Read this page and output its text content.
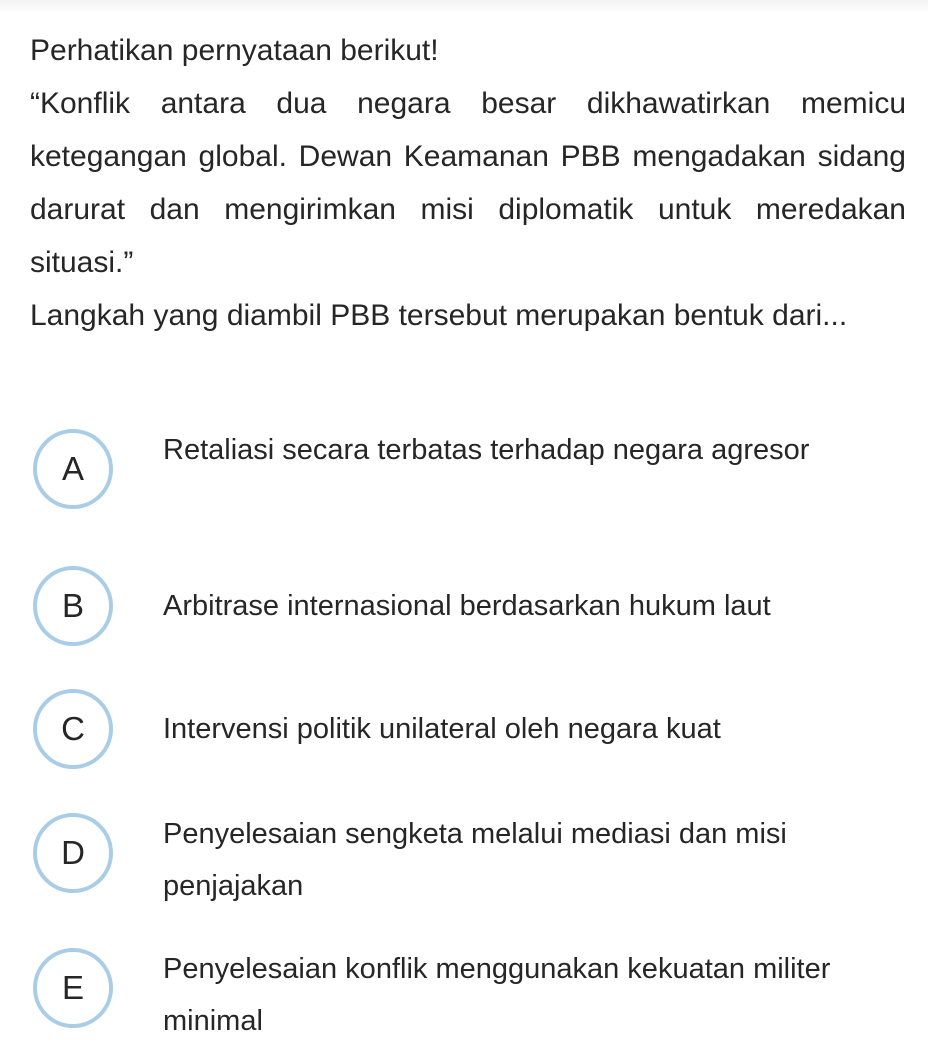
Perhatikan pernyataan berikut!

“Konflik antara dua negara besar dikhawatirkan memicu ketegangan global. Dewan Keamanan PBB mengadakan sidang darurat dan mengirimkan misi diplomatik untuk meredakan situasi.”

Langkah yang diambil PBB tersebut merupakan bentuk dari...

A	Retaliasi secara terbatas terhadap negara agresor
B	Arbitrase internasional berdasarkan hukum laut
C	Intervensi politik unilateral oleh negara kuat
D	Penyelesaian sengketa melalui mediasi dan misi penjajakan
E	Penyelesaian konflik menggunakan kekuatan militer minimal
